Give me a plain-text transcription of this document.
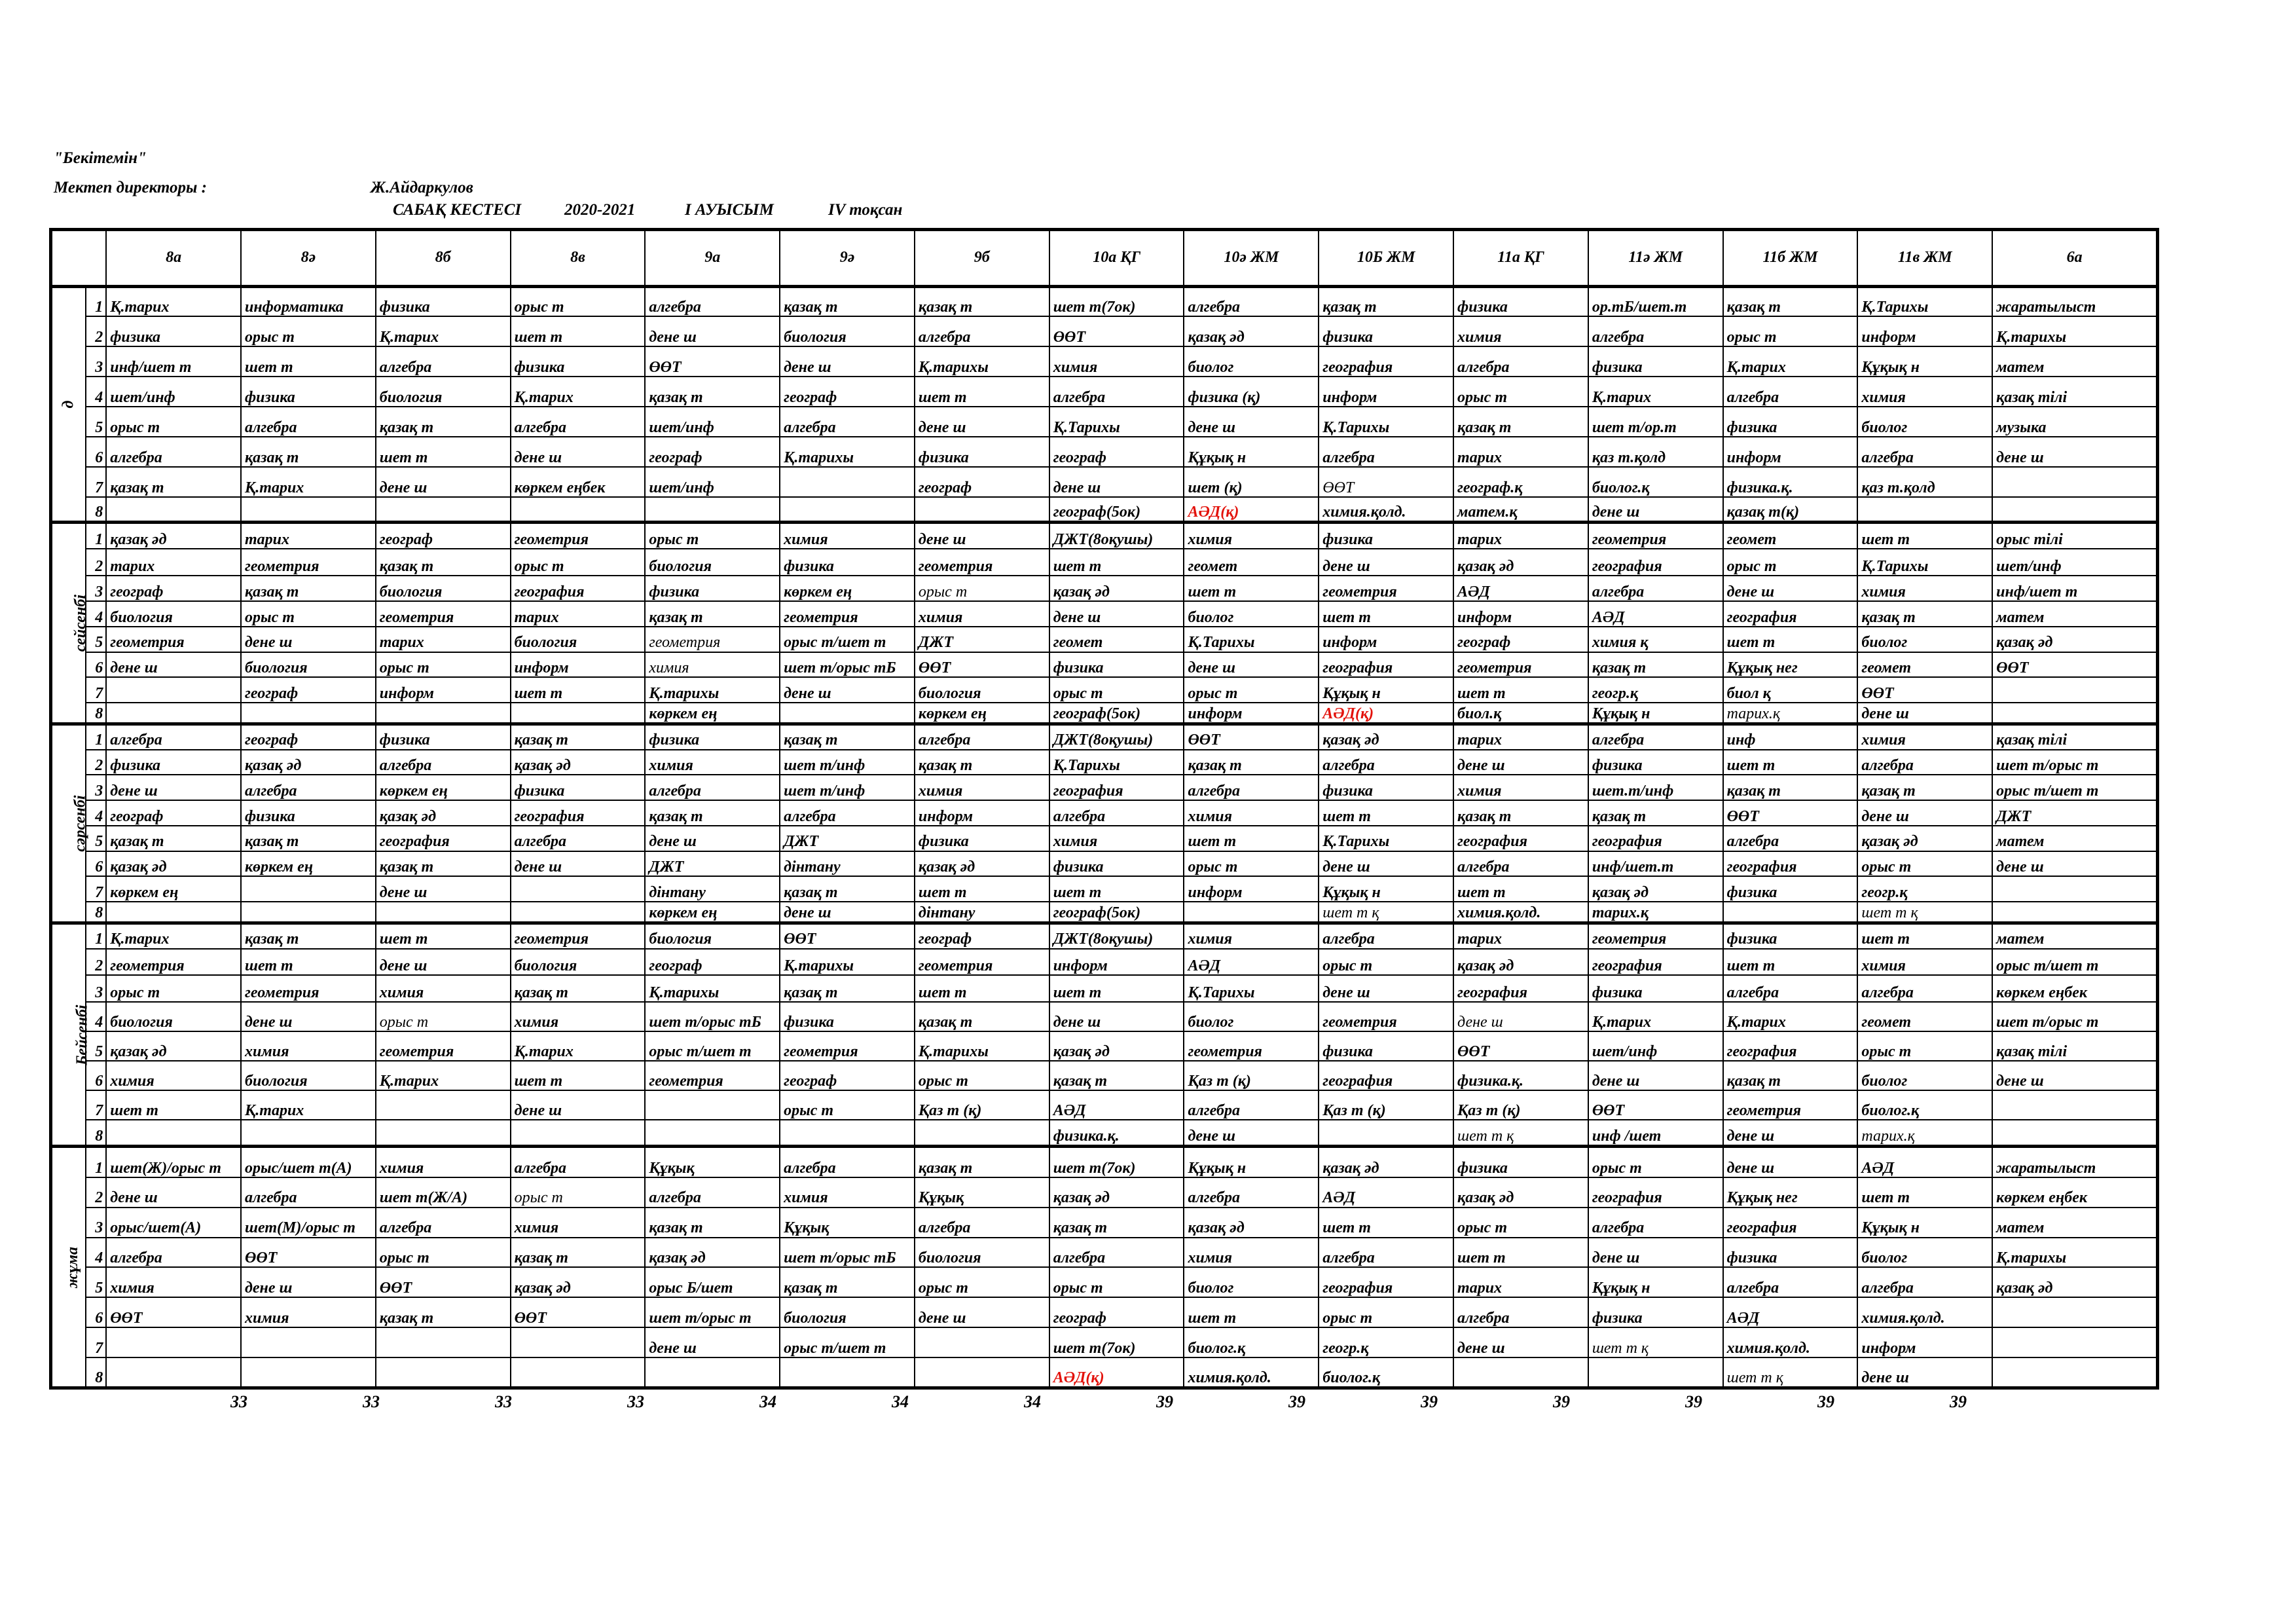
"Бекітемін"
Мектеп директоры :	Ж.Айдаркулов
САБАҚ КЕСТЕСІ	2020-2021	І АУЫСЫМ	ІV тоқсан
		8а	8ә	8б	8в	9а	9ә	9б	10а ҚГ	10ә ЖМ	10Б ЖМ	11а ҚГ	11ә ЖМ	11б ЖМ	11в ЖМ	6а
д	1	Қ.тарих	информатика	физика	орыс т	алгебра	қазақ т	қазақ т	шет т(7ок)	алгебра	қазақ т	физика	ор.тБ/шет.т	қазақ т	Қ.Тарихы	жаратылыст
	2	физика	орыс т	Қ.тарих	шет т	дене ш	биология	алгебра	ӨӨТ	қазақ әд	физика	химия	алгебра	орыс т	информ	Қ.тарихы
	3	инф/шет т	шет т	алгебра	физика	ӨӨТ	дене ш	Қ.тарихы	химия	биолог	география	алгебра	физика	Қ.тарих	Құқық н	матем
	4	шет/инф	физика	биология	Қ.тарих	қазақ т	географ	шет т	алгебра	физика (қ)	информ	орыс т	Қ.тарих	алгебра	химия	қазақ тілі
	5	орыс т	алгебра	қазақ т	алгебра	шет/инф	алгебра	дене ш	Қ.Тарихы	дене ш	Қ.Тарихы	қазақ т	шет т/ор.т	физика	биолог	музыка
	6	алгебра	қазақ т	шет т	дене ш	географ	Қ.тарихы	физика	географ	Құқық н	алгебра	тарих	қаз т.қолд	информ	алгебра	дене ш
	7	қазақ т	Қ.тарих	дене ш	көркем еңбек	шет/инф		географ	дене ш	шет (қ)	ӨӨТ	географ.қ	биолог.қ	физика.қ.	қаз т.қолд	
	8								географ(5ок)	АӘД(қ)	химия.қолд.	матем.қ	дене ш	қазақ т(қ)		
сейсенбі	1	қазақ әд	тарих	географ	геометрия	орыс т	химия	дене ш	ДЖТ(8оқушы)	химия	физика	тарих	геометрия	геомет	шет т	орыс тілі
	2	тарих	геометрия	қазақ т	орыс т	биология	физика	геометрия	шет т	геомет	дене ш	қазақ әд	география	орыс т	Қ.Тарихы	шет/инф
	3	географ	қазақ т	биология	география	физика	көркем ең	орыс т	қазақ әд	шет т	геометрия	АӘД	алгебра	дене ш	химия	инф/шет т
	4	биология	орыс т	геометрия	тарих	қазақ т	геометрия	химия	дене ш	биолог	шет т	информ	АӘД	география	қазақ т	матем
	5	геометрия	дене ш	тарих	биология	геометрия	орыс т/шет т	ДЖТ	геомет	Қ.Тарихы	информ	географ	химия қ	шет т	биолог	қазақ әд
	6	дене ш	биология	орыс т	информ	химия	шет т/орыс тБ	ӨӨТ	физика	дене ш	география	геометрия	қазақ т	Құқық нег	геомет	ӨӨТ
	7		географ	информ	шет т	Қ.тарихы	дене ш	биология	орыс т	орыс т	Құқық н	шет т	геогр.қ	биол қ	ӨӨТ	
	8					көркем ең		көркем ең	географ(5ок)	информ	АӘД(қ)	биол.қ	Құқық н	тарих.қ	дене ш	
сәрсенбі	1	алгебра	географ	физика	қазақ т	физика	қазақ т	алгебра	ДЖТ(8оқушы)	ӨӨТ	қазақ әд	тарих	алгебра	инф	химия	қазақ тілі
	2	физика	қазақ әд	алгебра	қазақ әд	химия	шет т/инф	қазақ т	Қ.Тарихы	қазақ т	алгебра	дене ш	физика	шет т	алгебра	шет т/орыс т
	3	дене ш	алгебра	көркем ең	физика	алгебра	шет т/инф	химия	география	алгебра	физика	химия	шет.т/инф	қазақ т	қазақ т	орыс т/шет т
	4	географ	физика	қазақ әд	география	қазақ т	алгебра	информ	алгебра	химия	шет т	қазақ т	қазақ т	ӨӨТ	дене ш	ДЖТ
	5	қазақ т	қазақ т	география	алгебра	дене ш	ДЖТ	физика	химия	шет т	Қ.Тарихы	география	география	алгебра	қазақ әд	матем
	6	қазақ әд	көркем ең	қазақ т	дене ш	ДЖТ	дінтану	қазақ әд	физика	орыс т	дене ш	алгебра	инф/шет.т	география	орыс т	дене ш
	7	көркем ең		дене ш		дінтану	қазақ т	шет т	шет т	информ	Құқық н	шет т	қазақ әд	физика	геогр.қ	
	8					көркем ең	дене ш	дінтану	географ(5ок)		шет т қ	химия.қолд.	тарих.қ		шет т қ	
Бейсенбі	1	Қ.тарих	қазақ т	шет т	геометрия	биология	ӨӨТ	географ	ДЖТ(8оқушы)	химия	алгебра	тарих	геометрия	физика	шет т	матем
	2	геометрия	шет т	дене ш	биология	географ	Қ.тарихы	геометрия	информ	АӘД	орыс т	қазақ әд	география	шет т	химия	орыс т/шет т
	3	орыс т	геометрия	химия	қазақ т	Қ.тарихы	қазақ т	шет т	шет т	Қ.Тарихы	дене ш	география	физика	алгебра	алгебра	көркем еңбек
	4	биология	дене ш	орыс т	химия	шет т/орыс тБ	физика	қазақ т	дене ш	биолог	геометрия	дене ш	Қ.тарих	Қ.тарих	геомет	шет т/орыс т
	5	қазақ әд	химия	геометрия	Қ.тарих	орыс т/шет т	геометрия	Қ.тарихы	қазақ әд	геометрия	физика	ӨӨТ	шет/инф	география	орыс т	қазақ тілі
	6	химия	биология	Қ.тарих	шет т	геометрия	географ	орыс т	қазақ т	Қаз т (қ)	география	физика.қ.	дене ш	қазақ т	биолог	дене ш
	7	шет т	Қ.тарих		дене ш		орыс т	Қаз т (қ)	АӘД	алгебра	Қаз т (қ)	Қаз т (қ)	ӨӨТ	геометрия	биолог.қ	
	8								физика.қ.	дене ш		шет т қ	инф /шет	дене ш	тарих.қ	
жұма	1	шет(Ж)/орыс т	орыс/шет т(А)	химия	алгебра	Құқық	алгебра	қазақ т	шет т(7ок)	Құқық н	қазақ әд	физика	орыс т	дене ш	АӘД	жаратылыст
	2	дене ш	алгебра	шет т(Ж/А)	орыс т	алгебра	химия	Құқық	қазақ әд	алгебра	АӘД	қазақ әд	география	Құқық нег	шет т	көркем еңбек
	3	орыс/шет(А)	шет(М)/орыс т	алгебра	химия	қазақ т	Құқық	алгебра	қазақ т	қазақ әд	шет т	орыс т	алгебра	география	Құқық н	матем
	4	алгебра	ӨӨТ	орыс т	қазақ т	қазақ әд	шет т/орыс тБ	биология	алгебра	химия	алгебра	шет т	дене ш	физика	биолог	Қ.тарихы
	5	химия	дене ш	ӨӨТ	қазақ әд	орыс Б/шет	қазақ т	орыс т	орыс т	биолог	география	тарих	Құқық н	алгебра	алгебра	қазақ әд
	6	ӨӨТ	химия	қазақ т	ӨӨТ	шет т/орыс т	биология	дене ш	географ	шет т	орыс т	алгебра	физика	АӘД	химия.қолд.	
	7					дене ш	орыс т/шет т		шет т(7ок)	биолог.қ	геогр.қ	дене ш	шет т қ	химия.қолд.	информ	
	8								АӘД(қ)	химия.қолд.	биолог.қ			шет т қ	дене ш	
33	33	33	33	34	34	34	39	39	39	39	39	39	39
